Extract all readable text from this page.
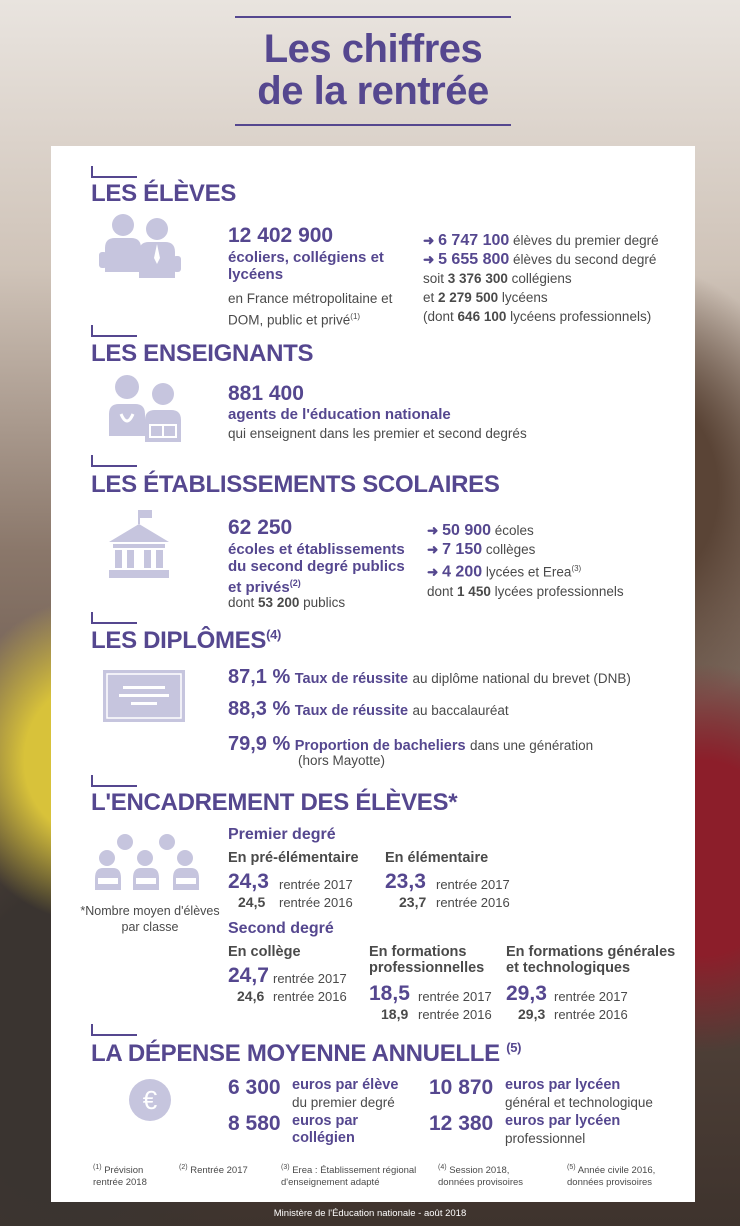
Les chiffres
de la rentrée
LES ÉLÈVES
12 402 900
écoliers, collégiens et lycéens
en France métropolitaine et DOM, public et privé$^{(1)}$
➜ 6 747 100 élèves du premier degré
➜ 5 655 800 élèves du second degré
soit 3 376 300 collégiens
et 2 279 500 lycéens
(dont 646 100 lycéens professionnels)
LES ENSEIGNANTS
881 400
agents de l'éducation nationale
qui enseignent dans les premier et second degrés
LES ÉTABLISSEMENTS SCOLAIRES
62 250
écoles et établissements du second degré publics et privés$^{(2)}$
dont 53 200 publics
➜ 50 900 écoles
➜ 7 150 collèges
➜ 4 200 lycées et Erea$^{(3)}$
dont 1 450 lycées professionnels
LES DIPLÔMES$^{(4)}$
87,1 % Taux de réussite au diplôme national du brevet (DNB)
88,3 % Taux de réussite au baccalauréat
79,9 % Proportion de bacheliers dans une génération
(hors Mayotte)
L'ENCADREMENT DES ÉLÈVES*
*Nombre moyen d'élèves par classe
Premier degré
En pré-élémentaire
24,3 rentrée 2017
24,5 rentrée 2016
En élémentaire
23,3 rentrée 2017
23,7 rentrée 2016
Second degré
En collège
24,7 rentrée 2017
24,6 rentrée 2016
En formations professionnelles
18,5 rentrée 2017
18,9 rentrée 2016
En formations générales et technologiques
29,3 rentrée 2017
29,3 rentrée 2016
LA DÉPENSE MOYENNE ANNUELLE $^{(5)}$
€	6 300 euros par élève
du premier degré
8 580 euros par collégien
10 870 euros par lycéen
général et technologique
12 380 euros par lycéen
professionnel
$^{(1)}$ Prévision rentrée 2018
$^{(2)}$ Rentrée 2017	$^{(3)}$ Erea : Établissement régional d'enseignement adapté
$^{(4)}$ Session 2018, données provisoires
$^{(5)}$ Année civile 2016, données provisoires
Ministère de l'Éducation nationale - août 2018
